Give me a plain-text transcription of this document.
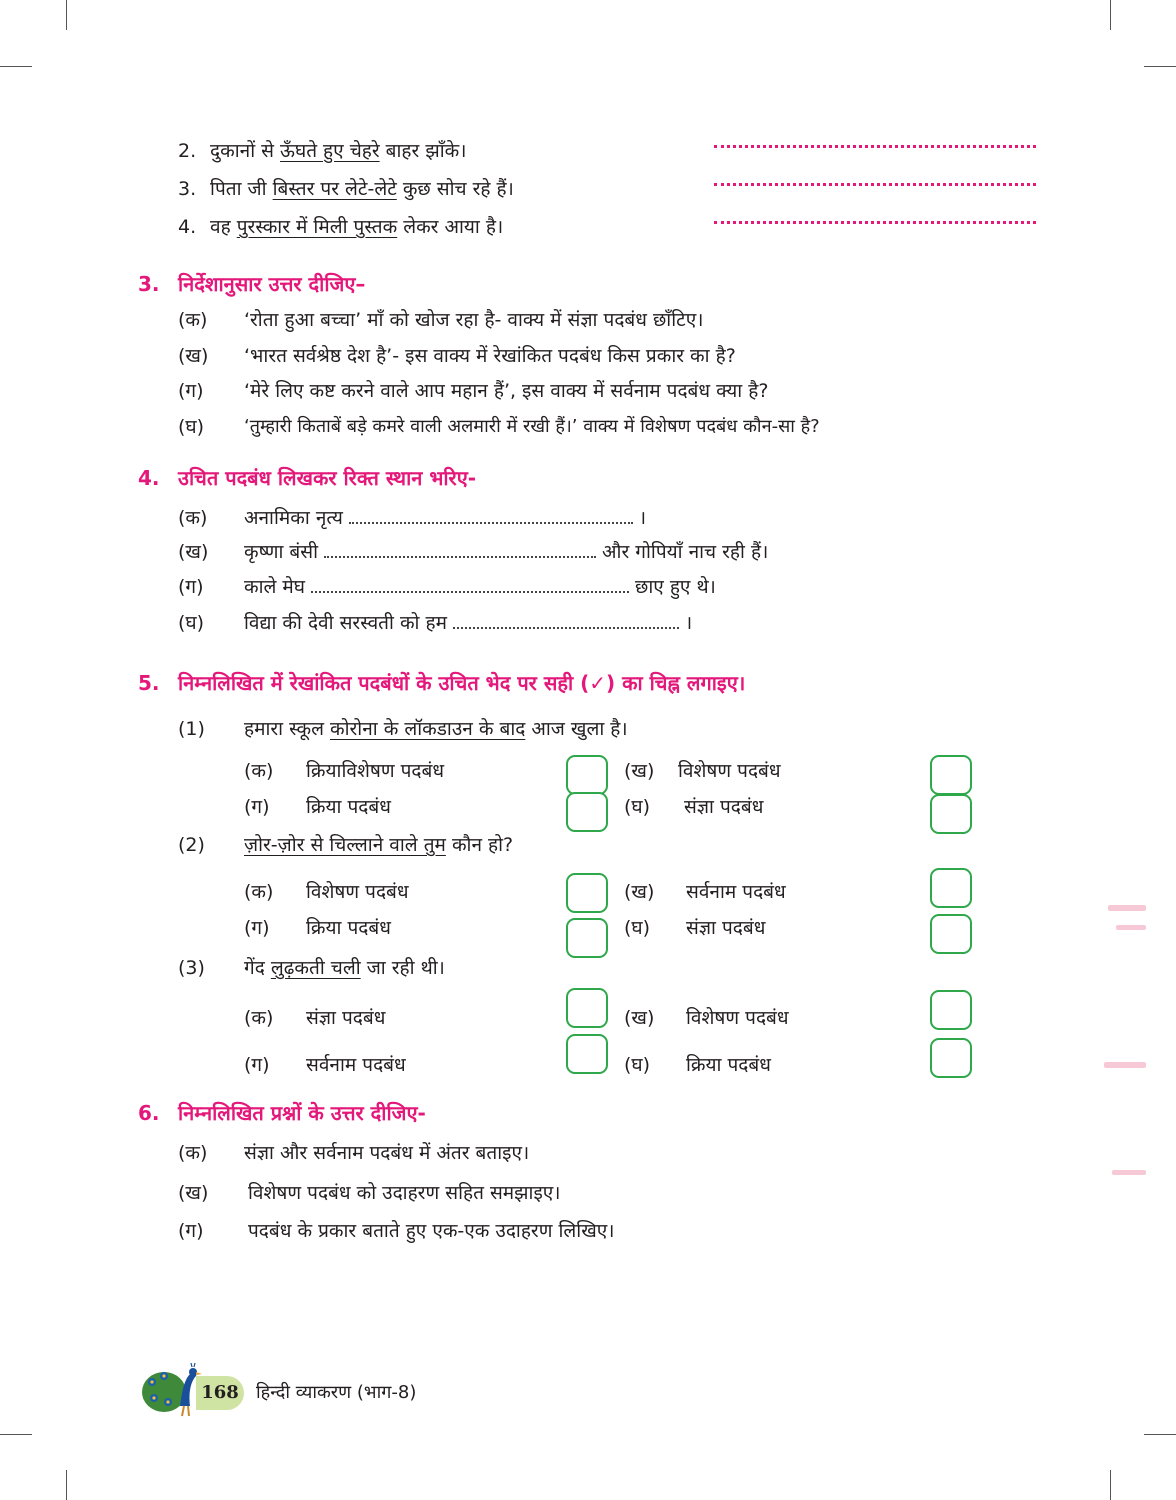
2. दुकानों से ऊँघते हुए चेहरे बाहर झाँके।
3. पिता जी बिस्तर पर लेटे-लेटे कुछ सोच रहे हैं।
4. वह पुरस्कार में मिली पुस्तक लेकर आया है।
3. निर्देशानुसार उत्तर दीजिए–
(क) ‘रोता हुआ बच्चा’ माँ को खोज रहा है- वाक्य में संज्ञा पदबंध छाँटिए।
(ख) ‘भारत सर्वश्रेष्ठ देश है’- इस वाक्य में रेखांकित पदबंध किस प्रकार का है?
(ग) ‘मेरे लिए कष्ट करने वाले आप महान हैं’, इस वाक्य में सर्वनाम पदबंध क्या है?
(घ) ‘तुम्हारी किताबें बड़े कमरे वाली अलमारी में रखी हैं।’ वाक्य में विशेषण पदबंध कौन-सा है?
4. उचित पदबंध लिखकर रिक्त स्थान भरिए-
(क) अनामिका नृत्य	।
(ख) कृष्णा बंसी	और गोपियाँ नाच रही हैं।
(ग) काले मेघ	छाए हुए थे।
(घ) विद्या की देवी सरस्वती को हम	।
5. निम्नलिखित में रेखांकित पदबंधों के उचित भेद पर सही (✓) का चिह्न लगाइए।
(1) हमारा स्कूल कोरोना के लॉकडाउन के बाद आज खुला है।
(क) क्रियाविशेषण पदबंध	(ख) विशेषण पदबंध
(ग) क्रिया पदबंध	(घ) संज्ञा पदबंध
(2) ज़ोर-ज़ोर से चिल्लाने वाले तुम कौन हो?
(क) विशेषण पदबंध	(ख) सर्वनाम पदबंध
(ग) क्रिया पदबंध	(घ) संज्ञा पदबंध
(3) गेंद लुढ़कती चली जा रही थी।
(क) संज्ञा पदबंध	(ख) विशेषण पदबंध
(ग) सर्वनाम पदबंध	(घ) क्रिया पदबंध
6. निम्नलिखित प्रश्नों के उत्तर दीजिए-
(क) संज्ञा और सर्वनाम पदबंध में अंतर बताइए।
(ख) विशेषण पदबंध को उदाहरण सहित समझाइए।
(ग) पदबंध के प्रकार बताते हुए एक-एक उदाहरण लिखिए।
168 हिन्दी व्याकरण (भाग-8)
